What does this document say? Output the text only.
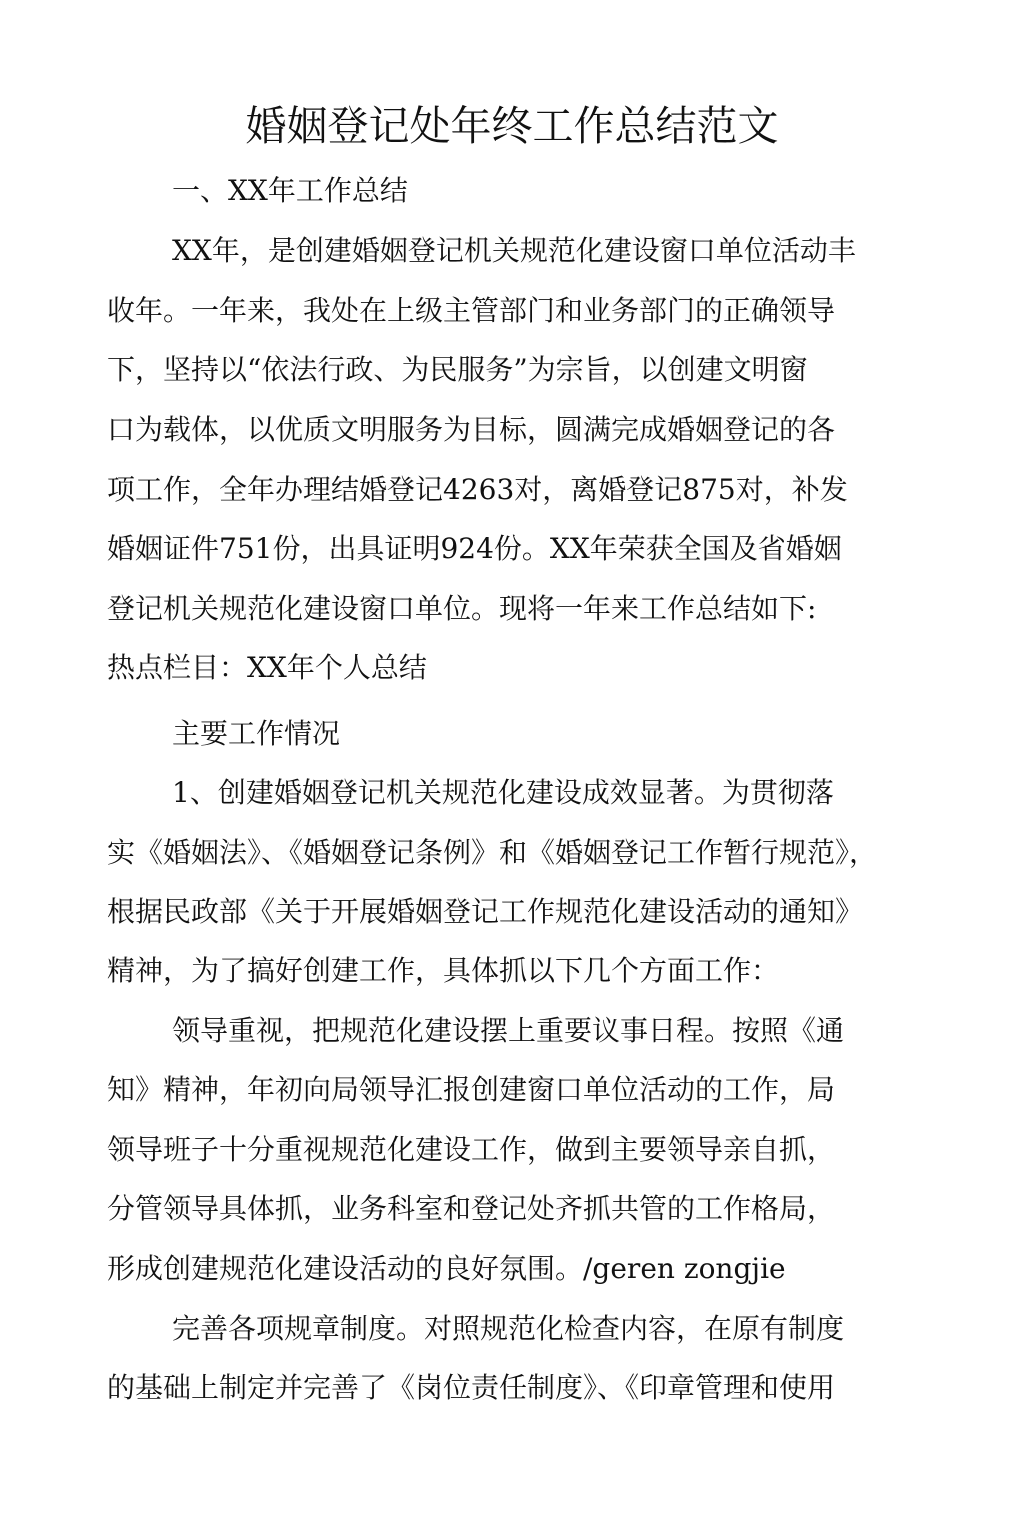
婚姻登记处年终工作总结范文
一、XX年工作总结
XX年，是创建婚姻登记机关规范化建设窗口单位活动丰
收年。一年来，我处在上级主管部门和业务部门的正确领导
下，坚持以“依法行政、为民服务”为宗旨，以创建文明窗
口为载体，以优质文明服务为目标，圆满完成婚姻登记的各
项工作，全年办理结婚登记4263对，离婚登记875对，补发
婚姻证件751份，出具证明924份。XX年荣获全国及省婚姻
登记机关规范化建设窗口单位。现将一年来工作总结如下:
热点栏目：XX年个人总结
主要工作情况
1、创建婚姻登记机关规范化建设成效显著。为贯彻落
实《婚姻法》、《婚姻登记条例》和《婚姻登记工作暂行规范》，
根据民政部《关于开展婚姻登记工作规范化建设活动的通知》
精神，为了搞好创建工作，具体抓以下几个方面工作：
领导重视，把规范化建设摆上重要议事日程。按照《通
知》精神，年初向局领导汇报创建窗口单位活动的工作，局
领导班子十分重视规范化建设工作，做到主要领导亲自抓，
分管领导具体抓，业务科室和登记处齐抓共管的工作格局，
形成创建规范化建设活动的良好氛围。/geren zongjie
完善各项规章制度。对照规范化检查内容，在原有制度
的基础上制定并完善了《岗位责任制度》、《印章管理和使用
